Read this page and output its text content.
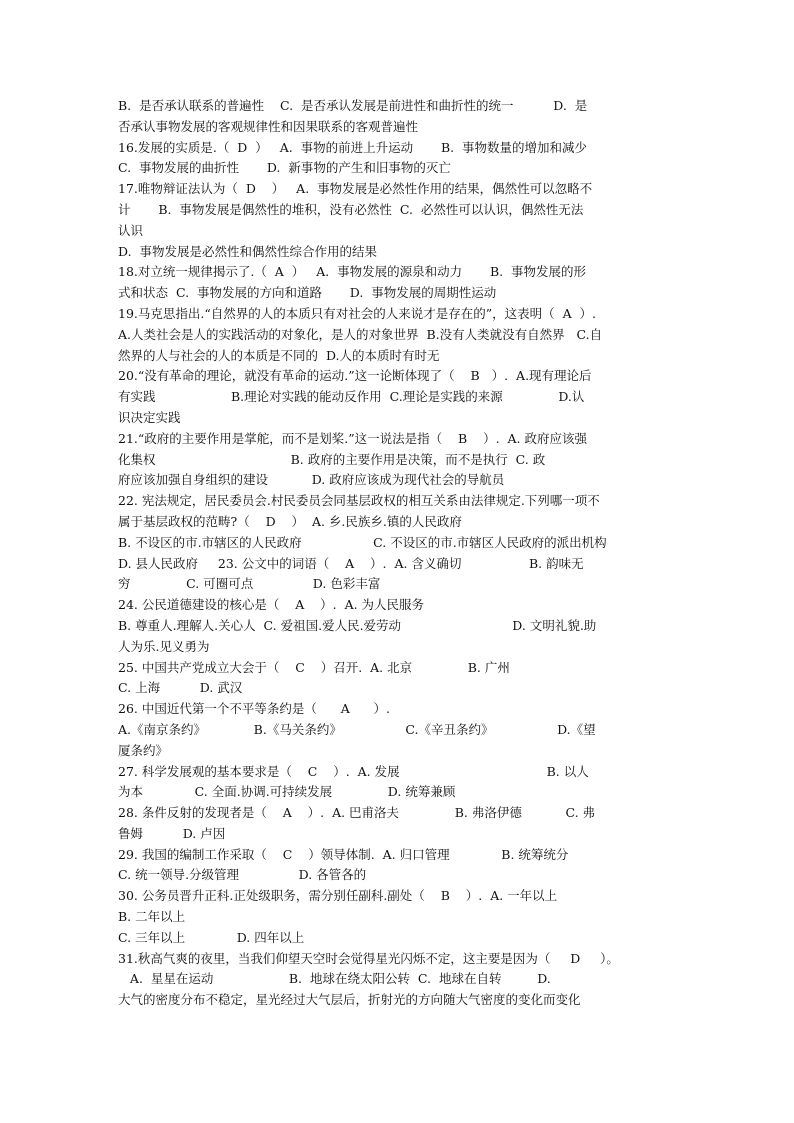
B.  是否承认联系的普遍性    C.  是否承认发展是前进性和曲折性的统一          D.  是
否承认事物发展的客观规律性和因果联系的客观普遍性
16.发展的实质是.（  D  ）   A.  事物的前进上升运动       B.  事物数量的增加和减少
C.  事物发展的曲折性       D.  新事物的产生和旧事物的灭亡
17.唯物辩证法认为（  D    ）   A.  事物发展是必然性作用的结果，偶然性可以忽略不
计       B.  事物发展是偶然性的堆积，没有必然性  C.  必然性可以认识，偶然性无法
认识
D.  事物发展是必然性和偶然性综合作用的结果
18.对立统一规律揭示了.（  A  ）   A.  事物发展的源泉和动力       B.  事物发展的形
式和状态  C.  事物发展的方向和道路       D.  事物发展的周期性运动
19.马克思指出.“自然界的人的本质只有对社会的人来说才是存在的”，这表明（  A  ）.
A.人类社会是人的实践活动的对象化，是人的对象世界  B.没有人类就没有自然界   C.自
然界的人与社会的人的本质是不同的  D.人的本质时有时无
20.“没有革命的理论，就没有革命的运动.”这一论断体现了（    B   ）.  A.现有理论后
有实践                   B.理论对实践的能动反作用  C.理论是实践的来源              D.认
识决定实践
21.“政府的主要作用是掌舵，而不是划桨.”这一说法是指（    B    ）.  A. 政府应该强
化集权                                  B. 政府的主要作用是决策，而不是执行  C. 政
府应该加强自身组织的建设           D. 政府应该成为现代社会的导航员
22. 宪法规定，居民委员会.村民委员会同基层政权的相互关系由法律规定.下列哪一项不
属于基层政权的范畴?（    D    ）  A. 乡.民族乡.镇的人民政府
B. 不设区的市.市辖区的人民政府                  C. 不设区的市.市辖区人民政府的派出机构
D. 县人民政府     23. 公文中的词语（    A    ）.  A. 含义确切                 B. 韵味无
穷              C. 可圈可点               D. 色彩丰富
24. 公民道德建设的核心是（    A    ）.  A. 为人民服务
B. 尊重人.理解人.关心人  C. 爱祖国.爱人民.爱劳动                            D. 文明礼貌.助
人为乐.见义勇为
25. 中国共产党成立大会于（    C    ）召开.  A. 北京              B. 广州
C. 上海          D. 武汉
26. 中国近代第一个不平等条约是（      A      ）.
A.《南京条约》            B.《马关条约》                C.《辛丑条约》                D.《望
厦条约》
27. 科学发展观的基本要求是（    C    ）.  A. 发展                                     B. 以人
为本             C. 全面.协调.可持续发展              D. 统筹兼顾
28. 条件反射的发现者是（    A    ）.  A. 巴甫洛夫              B. 弗洛伊德           C. 弗
鲁姆          D. 卢因
29. 我国的编制工作采取（    C    ）领导体制.  A. 归口管理             B. 统筹统分
C. 统一领导.分级管理               D. 各管各的
30. 公务员晋升正科.正处级职务，需分别任副科.副处（    B    ）.  A. 一年以上
B. 二年以上
C. 三年以上             D. 四年以上
31.秋高气爽的夜里，当我们仰望天空时会觉得星光闪烁不定，这主要是因为（     D     ）。
A.  星星在运动                   B.  地球在绕太阳公转  C.  地球在自转         D.
大气的密度分布不稳定，星光经过大气层后，折射光的方向随大气密度的变化而变化
